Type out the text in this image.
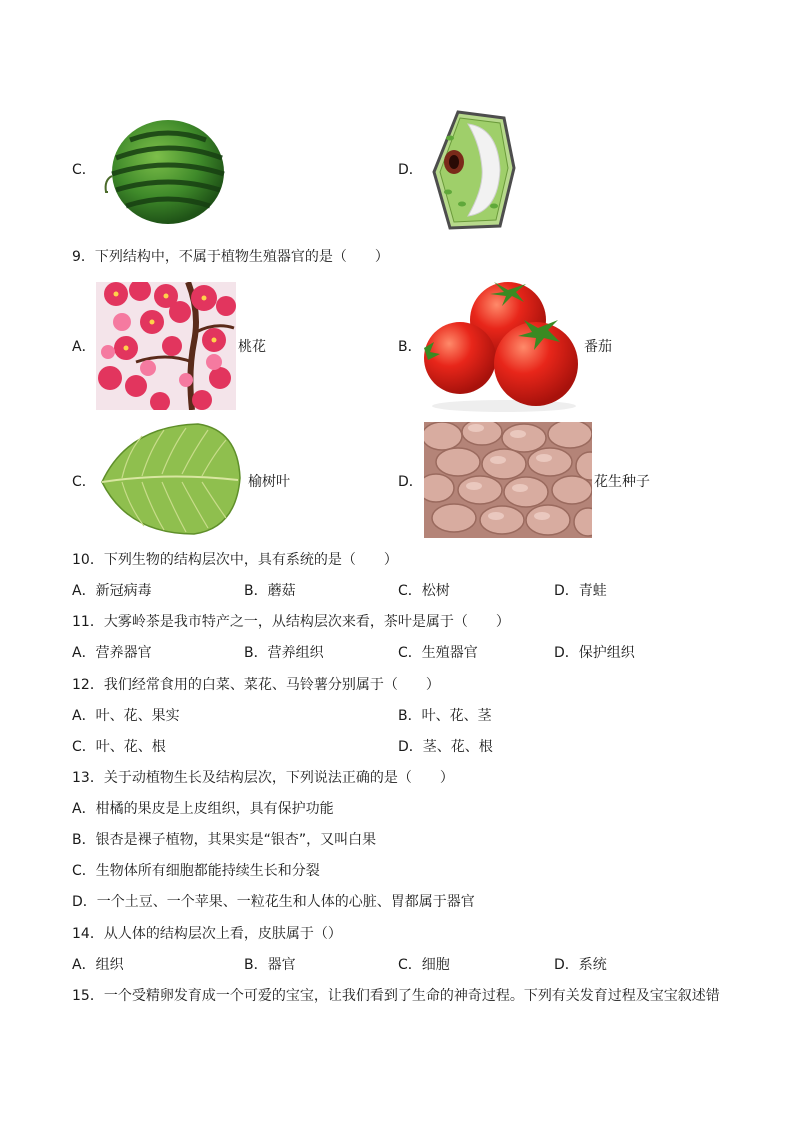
C．	D．
9．下列结构中，不属于植物生殖器官的是（　　）
A．	桃花	B．	番茄
C．	榆树叶	D．	花生种子
10．下列生物的结构层次中，具有系统的是（　　）
A．新冠病毒	B．蘑菇	C．松树	D．青蛙
11．大雾岭茶是我市特产之一，从结构层次来看，茶叶是属于（　　）
A．营养器官	B．营养组织	C．生殖器官	D．保护组织
12．我们经常食用的白菜、菜花、马铃薯分别属于（　　）
A．叶、花、果实	B．叶、花、茎
C．叶、花、根	D．茎、花、根
13．关于动植物生长及结构层次，下列说法正确的是（　　）
A．柑橘的果皮是上皮组织，具有保护功能
B．银杏是裸子植物，其果实是“银杏”，又叫白果
C．生物体所有细胞都能持续生长和分裂
D．一个土豆、一个苹果、一粒花生和人体的心脏、胃都属于器官
14．从人体的结构层次上看，皮肤属于（）
A．组织	B．器官	C．细胞	D．系统
15．一个受精卵发育成一个可爱的宝宝，让我们看到了生命的神奇过程。下列有关发育过程及宝宝叙述错
